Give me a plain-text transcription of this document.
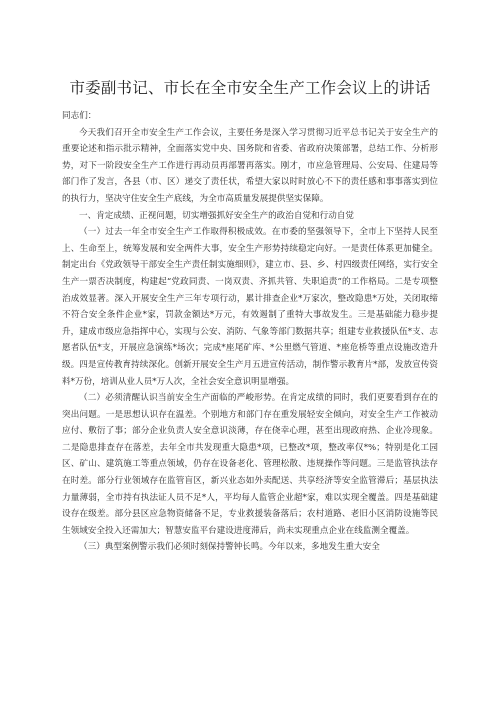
市委副书记、市长在全市安全生产工作会议上的讲话

同志们：

今天我们召开全市安全生产工作会议，主要任务是深入学习贯彻习近平总书记关于安全生产的重要论述和指示批示精神，全面落实党中央、国务院和省委、省政府决策部署，总结工作、分析形势，对下一阶段安全生产工作进行再动员再部署再落实。刚才，市应急管理局、公安局、住建局等部门作了发言，各县（市、区）递交了责任状，希望大家以时时放心不下的责任感和事事落实到位的执行力，坚决守住安全生产底线，为全市高质量发展提供坚实保障。

一、肯定成绩、正视问题，切实增强抓好安全生产的政治自觉和行动自觉

（一）过去一年全市安全生产工作取得积极成效。在市委的坚强领导下，全市上下坚持人民至上、生命至上，统筹发展和安全两件大事，安全生产形势持续稳定向好。一是责任体系更加健全。制定出台《党政领导干部安全生产责任制实施细则》，建立市、县、乡、村四级责任网络，实行安全生产一票否决制度，构建起“党政同责、一岗双责、齐抓共管、失职追责”的工作格局。二是专项整治成效显著。深入开展安全生产三年专项行动，累计排查企业*万家次，整改隐患*万处，关闭取缔不符合安全条件企业*家，罚款金额达*万元，有效遏制了重特大事故发生。三是基础能力稳步提升，建成市级应急指挥中心，实现与公安、消防、气象等部门数据共享；组建专业救援队伍*支、志愿者队伍*支，开展应急演练*场次；完成*座尾矿库、*公里燃气管道、*座危桥等重点设施改造升级。四是宣传教育持续深化。创新开展安全生产月五进宣传活动，制作警示教育片*部，发放宣传资料*万份，培训从业人员*万人次，全社会安全意识明显增强。

（二）必须清醒认识当前安全生产面临的严峻形势。在肯定成绩的同时，我们更要看到存在的突出问题。一是思想认识存在温差。个别地方和部门存在重发展轻安全倾向，对安全生产工作被动应付、敷衍了事；部分企业负责人安全意识淡薄，存在侥幸心理，甚至出现政府热、企业冷现象。二是隐患排查存在落差，去年全市共发现重大隐患*项，已整改*项，整改率仅*%；特别是化工园区、矿山、建筑施工等重点领域，仍存在设备老化、管理松散、违规操作等问题。三是监管执法存在时差。部分行业领域存在监管盲区，新兴业态如外卖配送、共享经济等安全监管滞后；基层执法力量薄弱，全市持有执法证人员不足*人，平均每人监管企业超*家，难以实现全覆盖。四是基础建设存在级差。部分县区应急物资储备不足，专业救援装备落后；农村道路、老旧小区消防设施等民生领域安全投入还需加大；智慧安监平台建设进度滞后，尚未实现重点企业在线监测全覆盖。

（三）典型案例警示我们必须时刻保持警钟长鸣。今年以来，多地发生重大安全
